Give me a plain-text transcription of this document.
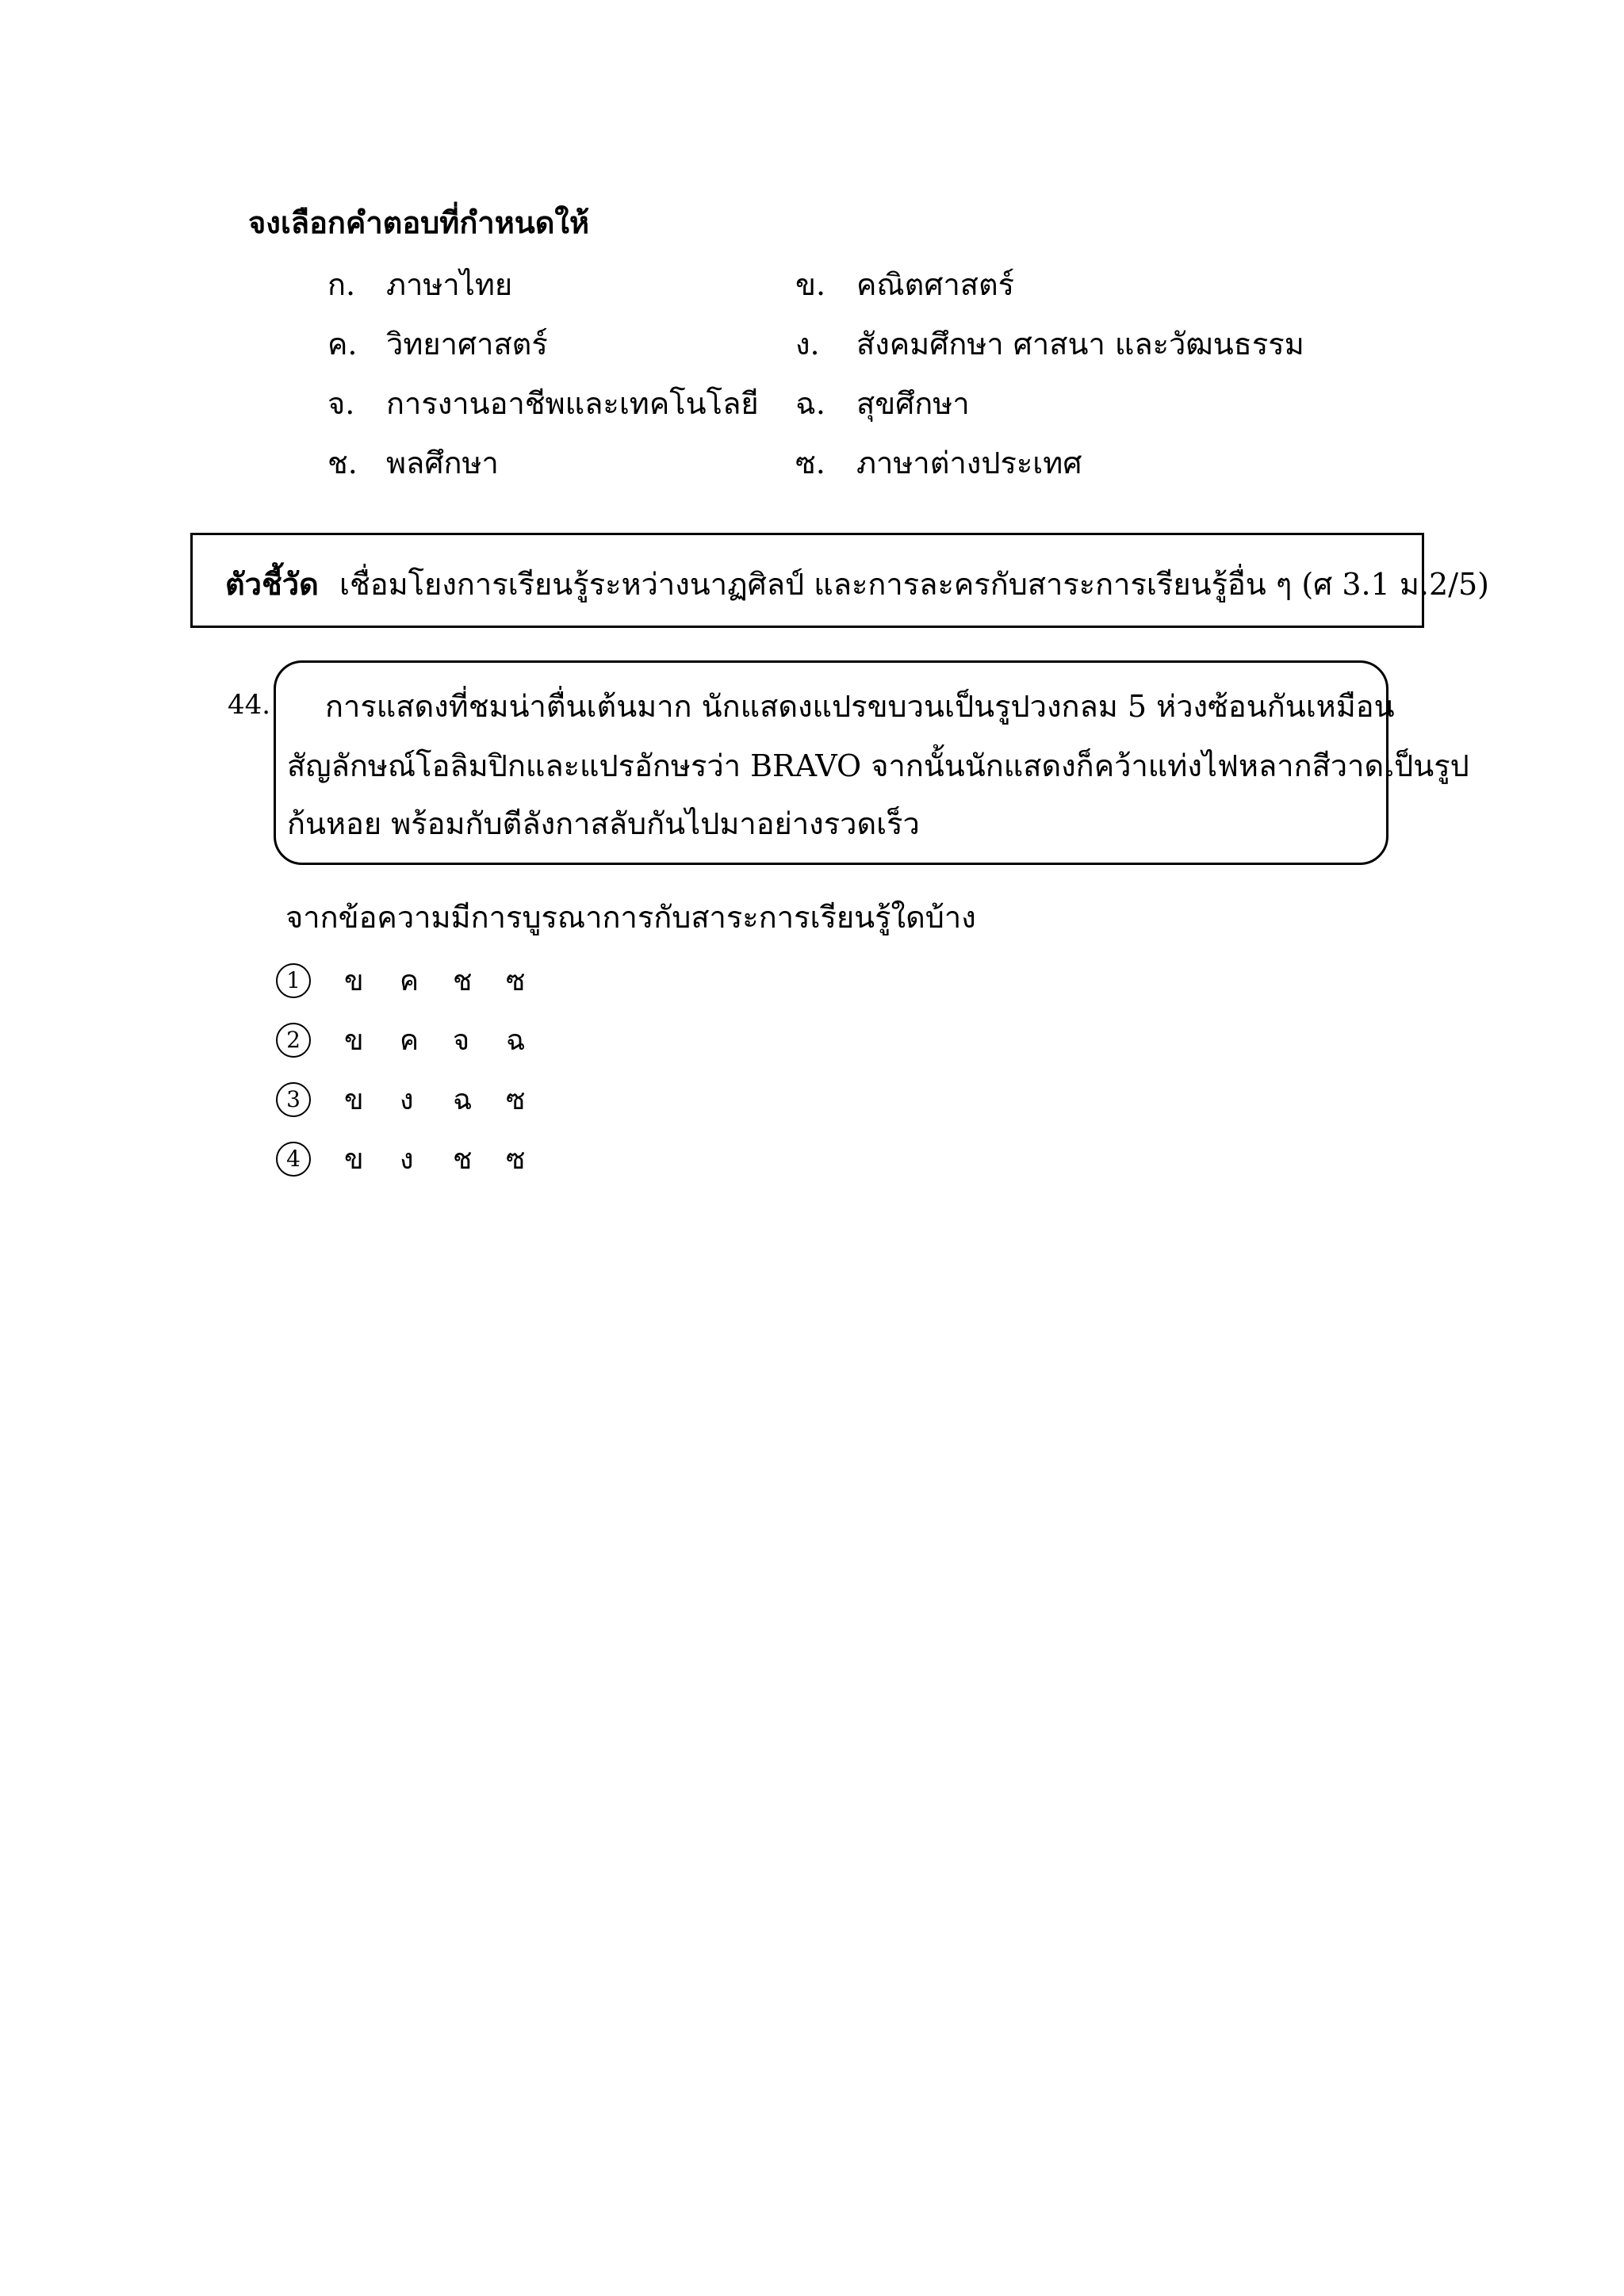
จงเลือกคำตอบที่กำหนดให้
ก. ภาษาไทย	ข. คณิตศาสตร์
ค. วิทยาศาสตร์	ง. สังคมศึกษา ศาสนา และวัฒนธรรม
จ. การงานอาชีพและเทคโนโลยี ฉ. สุขศึกษา
ช. พลศึกษา	ซ. ภาษาต่างประเทศ
ตัวชี้วัด เชื่อมโยงการเรียนรู้ระหว่างนาฏศิลป์ และการละครกับสาระการเรียนรู้อื่น ๆ (ศ 3.1 ม.2/5)
44. การแสดงที่ชมน่าตื่นเต้นมาก นักแสดงแปรขบวนเป็นรูปวงกลม 5 ห่วงซ้อนกันเหมือน
สัญลักษณ์โอลิมปิกและแปรอักษรว่า BRAVO จากนั้นนักแสดงก็คว้าแท่งไฟหลากสีวาดเป็นรูป
ก้นหอย พร้อมกับตีลังกาสลับกันไปมาอย่างรวดเร็ว
จากข้อความมีการบูรณาการกับสาระการเรียนรู้ใดบ้าง
1 ข ค ช ซ
2 ข ค จ ฉ
3 ข ง ฉ ซ
4 ข ง ช ซ
